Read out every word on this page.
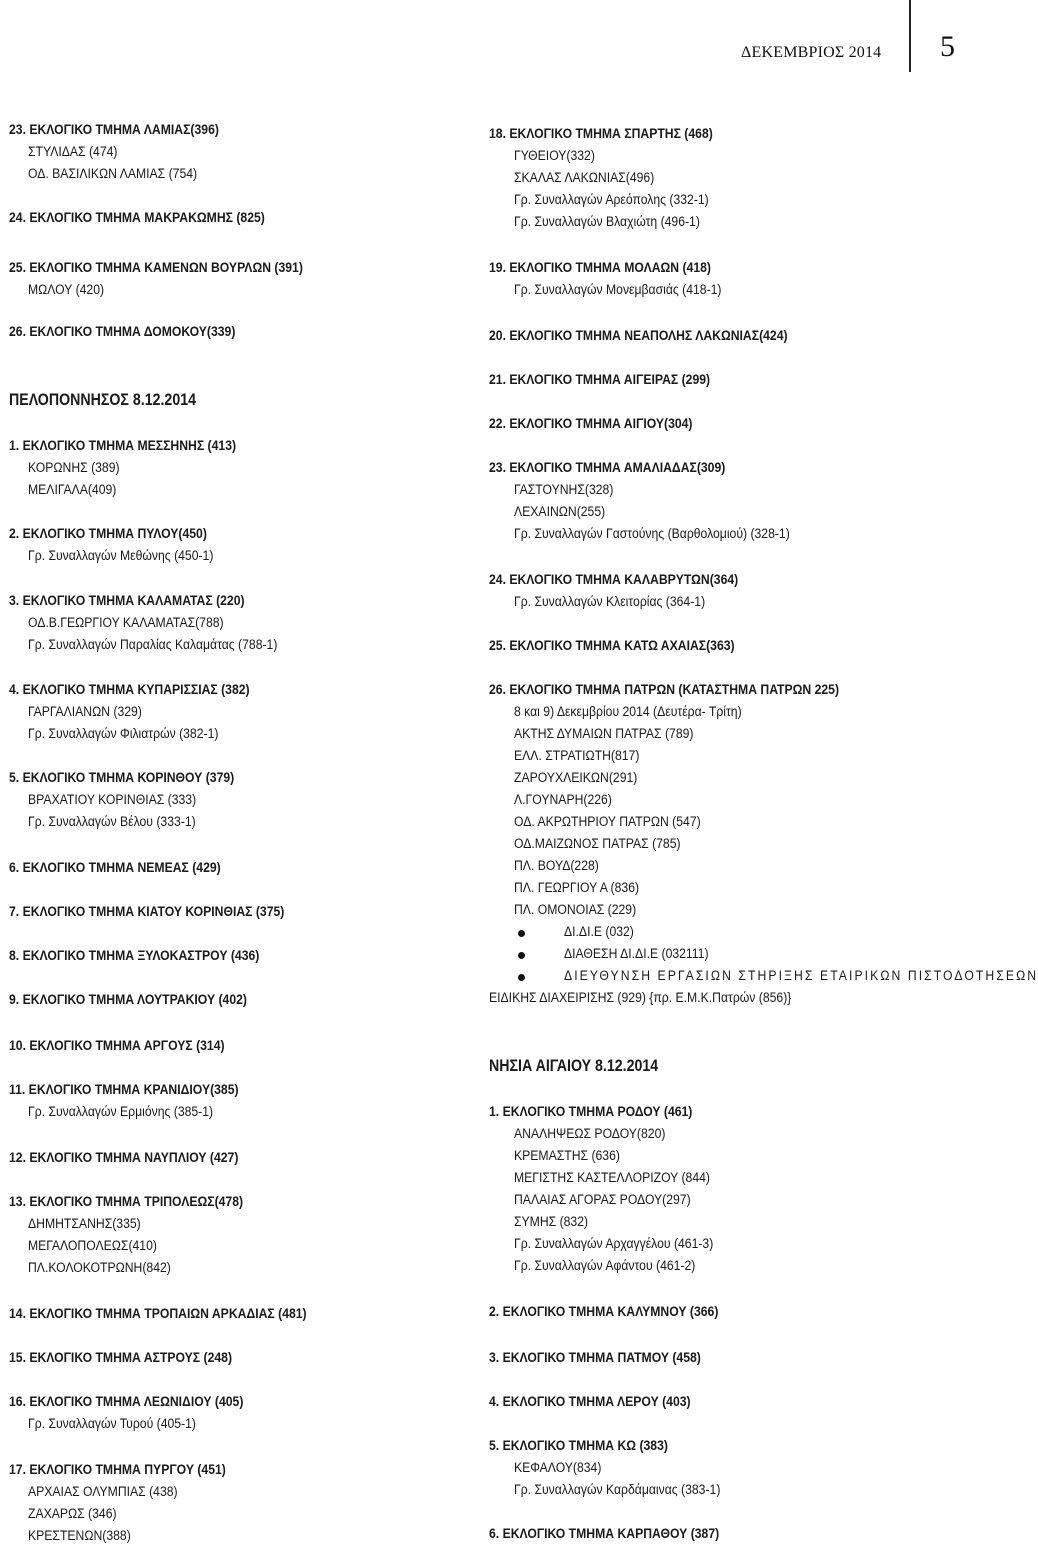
ΔΕΚΕΜΒΡΙΟΣ 2014 5
23. ΕΚΛΟΓΙΚΟ ΤΜΗΜΑ ΛΑΜΙΑΣ(396)
ΣΤΥΛΙΔΑΣ (474)
ΟΔ. ΒΑΣΙΛΙΚΩΝ ΛΑΜΙΑΣ (754)
24. ΕΚΛΟΓΙΚΟ ΤΜΗΜΑ ΜΑΚΡΑΚΩΜΗΣ (825)
25. ΕΚΛΟΓΙΚΟ ΤΜΗΜΑ ΚΑΜΕΝΩΝ ΒΟΥΡΛΩΝ (391)
ΜΩΛΟΥ (420)
26. ΕΚΛΟΓΙΚΟ ΤΜΗΜΑ ΔΟΜΟΚΟΥ(339)
ΠΕΛΟΠΟΝΝΗΣΟΣ 8.12.2014
1. ΕΚΛΟΓΙΚΟ ΤΜΗΜΑ ΜΕΣΣΗΝΗΣ (413)
ΚΟΡΩΝΗΣ (389)
ΜΕΛΙΓΑΛΑ(409)
2. ΕΚΛΟΓΙΚΟ ΤΜΗΜΑ ΠΥΛΟΥ(450)
Γρ. Συναλλαγών Μεθώνης (450-1)
3. ΕΚΛΟΓΙΚΟ ΤΜΗΜΑ ΚΑΛΑΜΑΤΑΣ (220)
ΟΔ.Β.ΓΕΩΡΓΙΟΥ ΚΑΛΑΜΑΤΑΣ(788)
Γρ. Συναλλαγών Παραλίας Καλαμάτας (788-1)
4. ΕΚΛΟΓΙΚΟ ΤΜΗΜΑ ΚΥΠΑΡΙΣΣΙΑΣ (382)
ΓΑΡΓΑΛΙΑΝΩΝ (329)
Γρ. Συναλλαγών Φιλιατρών (382-1)
5. ΕΚΛΟΓΙΚΟ ΤΜΗΜΑ ΚΟΡΙΝΘΟΥ (379)
ΒΡΑΧΑΤΙΟΥ ΚΟΡΙΝΘΙΑΣ (333)
Γρ. Συναλλαγών Βέλου (333-1)
6. ΕΚΛΟΓΙΚΟ ΤΜΗΜΑ ΝΕΜΕΑΣ (429)
7. ΕΚΛΟΓΙΚΟ ΤΜΗΜΑ ΚΙΑΤΟΥ ΚΟΡΙΝΘΙΑΣ (375)
8. ΕΚΛΟΓΙΚΟ ΤΜΗΜΑ ΞΥΛΟΚΑΣΤΡΟΥ (436)
9. ΕΚΛΟΓΙΚΟ ΤΜΗΜΑ ΛΟΥΤΡΑΚΙΟΥ (402)
10. ΕΚΛΟΓΙΚΟ ΤΜΗΜΑ ΑΡΓΟΥΣ (314)
11. ΕΚΛΟΓΙΚΟ ΤΜΗΜΑ ΚΡΑΝΙΔΙΟΥ(385)
Γρ. Συναλλαγών Ερμιόνης (385-1)
12. ΕΚΛΟΓΙΚΟ ΤΜΗΜΑ ΝΑΥΠΛΙΟΥ (427)
13. ΕΚΛΟΓΙΚΟ ΤΜΗΜΑ ΤΡΙΠΟΛΕΩΣ(478)
ΔΗΜΗΤΣΑΝΗΣ(335)
ΜΕΓΑΛΟΠΟΛΕΩΣ(410)
ΠΛ.ΚΟΛΟΚΟΤΡΩΝΗ(842)
14. ΕΚΛΟΓΙΚΟ ΤΜΗΜΑ ΤΡΟΠΑΙΩΝ ΑΡΚΑΔΙΑΣ (481)
15. ΕΚΛΟΓΙΚΟ ΤΜΗΜΑ ΑΣΤΡΟΥΣ (248)
16. ΕΚΛΟΓΙΚΟ ΤΜΗΜΑ ΛΕΩΝΙΔΙΟΥ (405)
Γρ. Συναλλαγών Τυρού (405-1)
17. ΕΚΛΟΓΙΚΟ ΤΜΗΜΑ ΠΥΡΓΟΥ (451)
ΑΡΧΑΙΑΣ ΟΛΥΜΠΙΑΣ (438)
ΖΑΧΑΡΩΣ (346)
ΚΡΕΣΤΕΝΩΝ(388)
18. ΕΚΛΟΓΙΚΟ ΤΜΗΜΑ ΣΠΑΡΤΗΣ (468)
ΓΥΘΕΙΟΥ(332)
ΣΚΑΛΑΣ ΛΑΚΩΝΙΑΣ(496)
Γρ. Συναλλαγών Αρεόπολης (332-1)
Γρ. Συναλλαγών Βλαχιώτη (496-1)
19. ΕΚΛΟΓΙΚΟ ΤΜΗΜΑ ΜΟΛΑΩΝ (418)
Γρ. Συναλλαγών Μονεμβασιάς (418-1)
20. ΕΚΛΟΓΙΚΟ ΤΜΗΜΑ ΝΕΑΠΟΛΗΣ ΛΑΚΩΝΙΑΣ(424)
21. ΕΚΛΟΓΙΚΟ ΤΜΗΜΑ ΑΙΓΕΙΡΑΣ (299)
22. ΕΚΛΟΓΙΚΟ ΤΜΗΜΑ ΑΙΓΙΟΥ(304)
23. ΕΚΛΟΓΙΚΟ ΤΜΗΜΑ ΑΜΑΛΙΑΔΑΣ(309)
ΓΑΣΤΟΥΝΗΣ(328)
ΛΕΧΑΙΝΩΝ(255)
Γρ. Συναλλαγών Γαστούνης (Βαρθολομιού) (328-1)
24. ΕΚΛΟΓΙΚΟ ΤΜΗΜΑ ΚΑΛΑΒΡΥΤΩΝ(364)
Γρ. Συναλλαγών Κλειτορίας (364-1)
25. ΕΚΛΟΓΙΚΟ ΤΜΗΜΑ ΚΑΤΩ ΑΧΑΙΑΣ(363)
26. ΕΚΛΟΓΙΚΟ ΤΜΗΜΑ ΠΑΤΡΩΝ (ΚΑΤΑΣΤΗΜΑ ΠΑΤΡΩΝ 225)
8 και 9) Δεκεμβρίου 2014 (Δευτέρα- Τρίτη)
ΑΚΤΗΣ ΔΥΜΑΙΩΝ ΠΑΤΡΑΣ (789)
ΕΛΛ. ΣΤΡΑΤΙΩΤΗ(817)
ΖΑΡΟΥΧΛΕΙΚΩΝ(291)
Λ.ΓΟΥΝΑΡΗ(226)
ΟΔ. ΑΚΡΩΤΗΡΙΟΥ ΠΑΤΡΩΝ (547)
ΟΔ.ΜΑΙΖΩΝΟΣ ΠΑΤΡΑΣ (785)
ΠΛ. ΒΟΥΔ(228)
ΠΛ. ΓΕΩΡΓΙΟΥ Α (836)
ΠΛ. ΟΜΟΝΟΙΑΣ (229)
ΔΙ.ΔΙ.Ε (032)
ΔΙΑΘΕΣΗ ΔΙ.ΔΙ.Ε (032111)
ΔΙΕΥΘΥΝΣΗ ΕΡΓΑΣΙΩΝ ΣΤΗΡΙΞΗΣ ΕΤΑΙΡΙΚΩΝ ΠΙΣΤΟΔΟΤΗΣΕΩΝ
ΕΙΔΙΚΗΣ ΔΙΑΧΕΙΡΙΣΗΣ (929) {πρ. Ε.Μ.Κ.Πατρών (856)}
ΝΗΣΙΑ ΑΙΓΑΙΟΥ 8.12.2014
1. ΕΚΛΟΓΙΚΟ ΤΜΗΜΑ ΡΟΔΟΥ (461)
ΑΝΑΛΗΨΕΩΣ ΡΟΔΟΥ(820)
ΚΡΕΜΑΣΤΗΣ (636)
ΜΕΓΙΣΤΗΣ ΚΑΣΤΕΛΛΟΡΙΖΟΥ (844)
ΠΑΛΑΙΑΣ ΑΓΟΡΑΣ ΡΟΔΟΥ(297)
ΣΥΜΗΣ (832)
Γρ. Συναλλαγών Αρχαγγέλου (461-3)
Γρ. Συναλλαγών Αφάντου (461-2)
2. ΕΚΛΟΓΙΚΟ ΤΜΗΜΑ ΚΑΛΥΜΝΟΥ (366)
3. ΕΚΛΟΓΙΚΟ ΤΜΗΜΑ ΠΑΤΜΟΥ (458)
4. ΕΚΛΟΓΙΚΟ ΤΜΗΜΑ ΛΕΡΟΥ (403)
5. ΕΚΛΟΓΙΚΟ ΤΜΗΜΑ ΚΩ (383)
ΚΕΦΑΛΟΥ(834)
Γρ. Συναλλαγών Καρδάμαινας (383-1)
6. ΕΚΛΟΓΙΚΟ ΤΜΗΜΑ ΚΑΡΠΑΘΟΥ (387)
